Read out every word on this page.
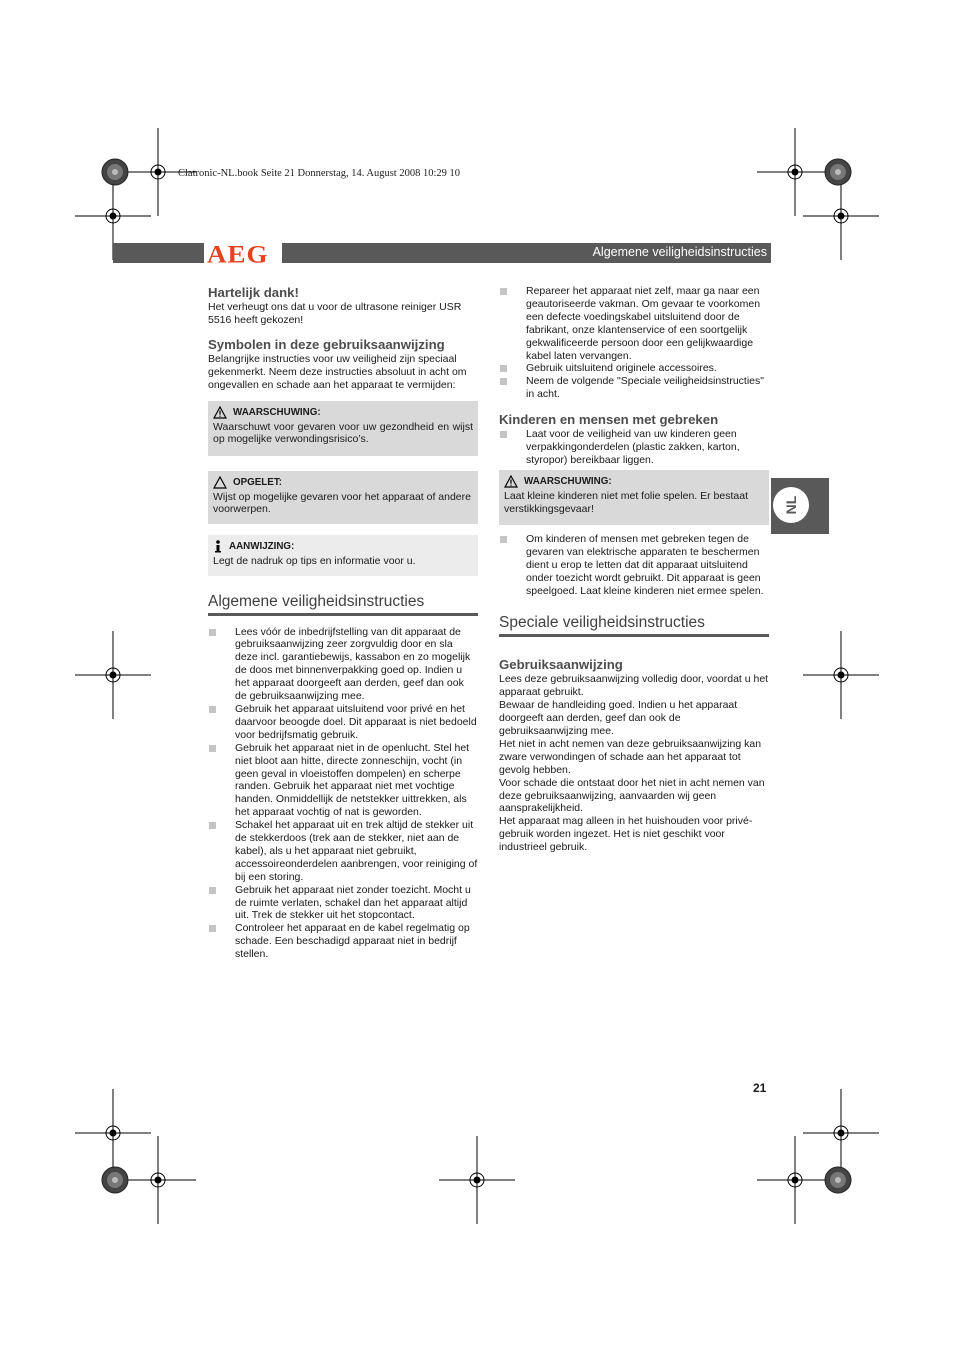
Clatronic-NL.book Seite 21 Donnerstag, 14. August 2008 10:29 10
AEG	Algemene veiligheidsinstructies
NL
Hartelijk dank!

Het verheugt ons dat u voor de ultrasone reiniger USR 5516 heeft gekozen!

Symbolen in deze gebruiksaanwijzing

Belangrijke instructies voor uw veiligheid zijn speciaal gekenmerkt. Neem deze instructies absoluut in acht om ongevallen en schade aan het apparaat te vermijden:

WAARSCHUWING:

Waarschuwt voor gevaren voor uw gezondheid en wijst op mogelijke verwondingsrisico’s.

OPGELET:

Wijst op mogelijke gevaren voor het apparaat of andere voorwerpen.

AANWIJZING:

Legt de nadruk op tips en informatie voor u.

Algemene veiligheidsinstructies
Lees vóór de inbedrijfstelling van dit apparaat de gebruiksaanwijzing zeer zorgvuldig door en sla deze incl. garantiebewijs, kassabon en zo mogelijk de doos met binnenverpakking goed op. Indien u het apparaat doorgeeft aan derden, geef dan ook de gebruiksaanwijzing mee.
Gebruik het apparaat uitsluitend voor privé en het daarvoor beoogde doel. Dit apparaat is niet bedoeld voor bedrijfsmatig gebruik.
Gebruik het apparaat niet in de openlucht. Stel het niet bloot aan hitte, directe zonneschijn, vocht (in geen geval in vloeistoffen dompelen) en scherpe randen. Gebruik het apparaat niet met vochtige handen. Onmiddellijk de netstekker uittrekken, als het apparaat vochtig of nat is geworden.
Schakel het apparaat uit en trek altijd de stekker uit de stekkerdoos (trek aan de stekker, niet aan de kabel), als u het apparaat niet gebruikt, accessoireonderdelen aanbrengen, voor reiniging of bij een storing.
Gebruik het apparaat niet zonder toezicht. Mocht u de ruimte verlaten, schakel dan het apparaat altijd uit. Trek de stekker uit het stopcontact.
Controleer het apparaat en de kabel regelmatig op schade. Een beschadigd apparaat niet in bedrijf stellen.
Repareer het apparaat niet zelf, maar ga naar een geautoriseerde vakman. Om gevaar te voorkomen een defecte voedingskabel uitsluitend door de fabrikant, onze klantenservice of een soortgelijk gekwalificeerde persoon door een gelijkwaardige kabel laten vervangen.
Gebruik uitsluitend originele accessoires.
Neem de volgende "Speciale veiligheidsinstructies" in acht.
Kinderen en mensen met gebreken
Laat voor de veiligheid van uw kinderen geen verpakkingonderdelen (plastic zakken, karton, styropor) bereikbaar liggen.
WAARSCHUWING:

Laat kleine kinderen niet met folie spelen. Er bestaat verstikkingsgevaar!

Om kinderen of mensen met gebreken tegen de gevaren van elektrische apparaten te beschermen dient u erop te letten dat dit apparaat uitsluitend onder toezicht wordt gebruikt. Dit apparaat is geen speelgoed. Laat kleine kinderen niet ermee spelen.
Speciale veiligheidsinstructies
Gebruiksaanwijzing

Lees deze gebruiksaanwijzing volledig door, voordat u het apparaat gebruikt.

Bewaar de handleiding goed. Indien u het apparaat doorgeeft aan derden, geef dan ook de gebruiksaanwijzing mee.

Het niet in acht nemen van deze gebruiksaanwijzing kan zware verwondingen of schade aan het apparaat tot gevolg hebben.

Voor schade die ontstaat door het niet in acht nemen van deze gebruiksaanwijzing, aanvaarden wij geen aansprakelijkheid.

Het apparaat mag alleen in het huishouden voor privé-gebruik worden ingezet. Het is niet geschikt voor industrieel gebruik.

21
